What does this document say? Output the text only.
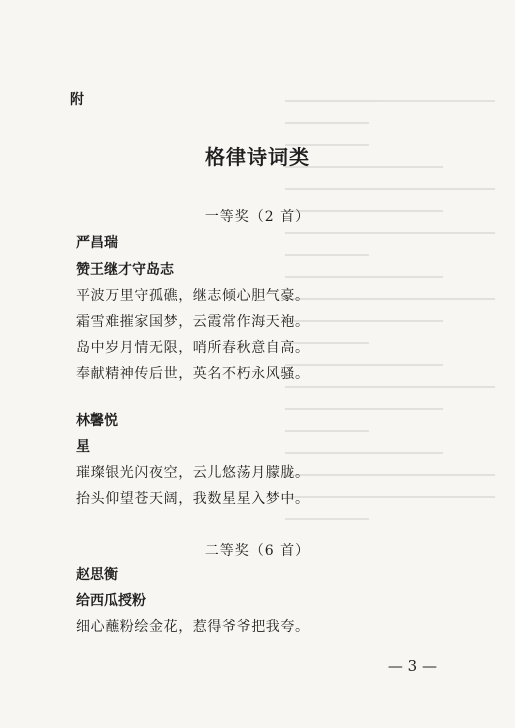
附
格律诗词类
一等奖（2 首）
严昌瑞
赞王继才守岛志
平波万里守孤礁，继志倾心胆气豪。
霜雪难摧家国梦，云霞常作海天袍。
岛中岁月情无限，哨所春秋意自高。
奉献精神传后世，英名不朽永风骚。
林馨悦
星
璀璨银光闪夜空，云儿悠荡月朦胧。
抬头仰望苍天阔，我数星星入梦中。
二等奖（6 首）
赵思衡
给西瓜授粉
细心蘸粉绘金花，惹得爷爷把我夸。
— 3 —
